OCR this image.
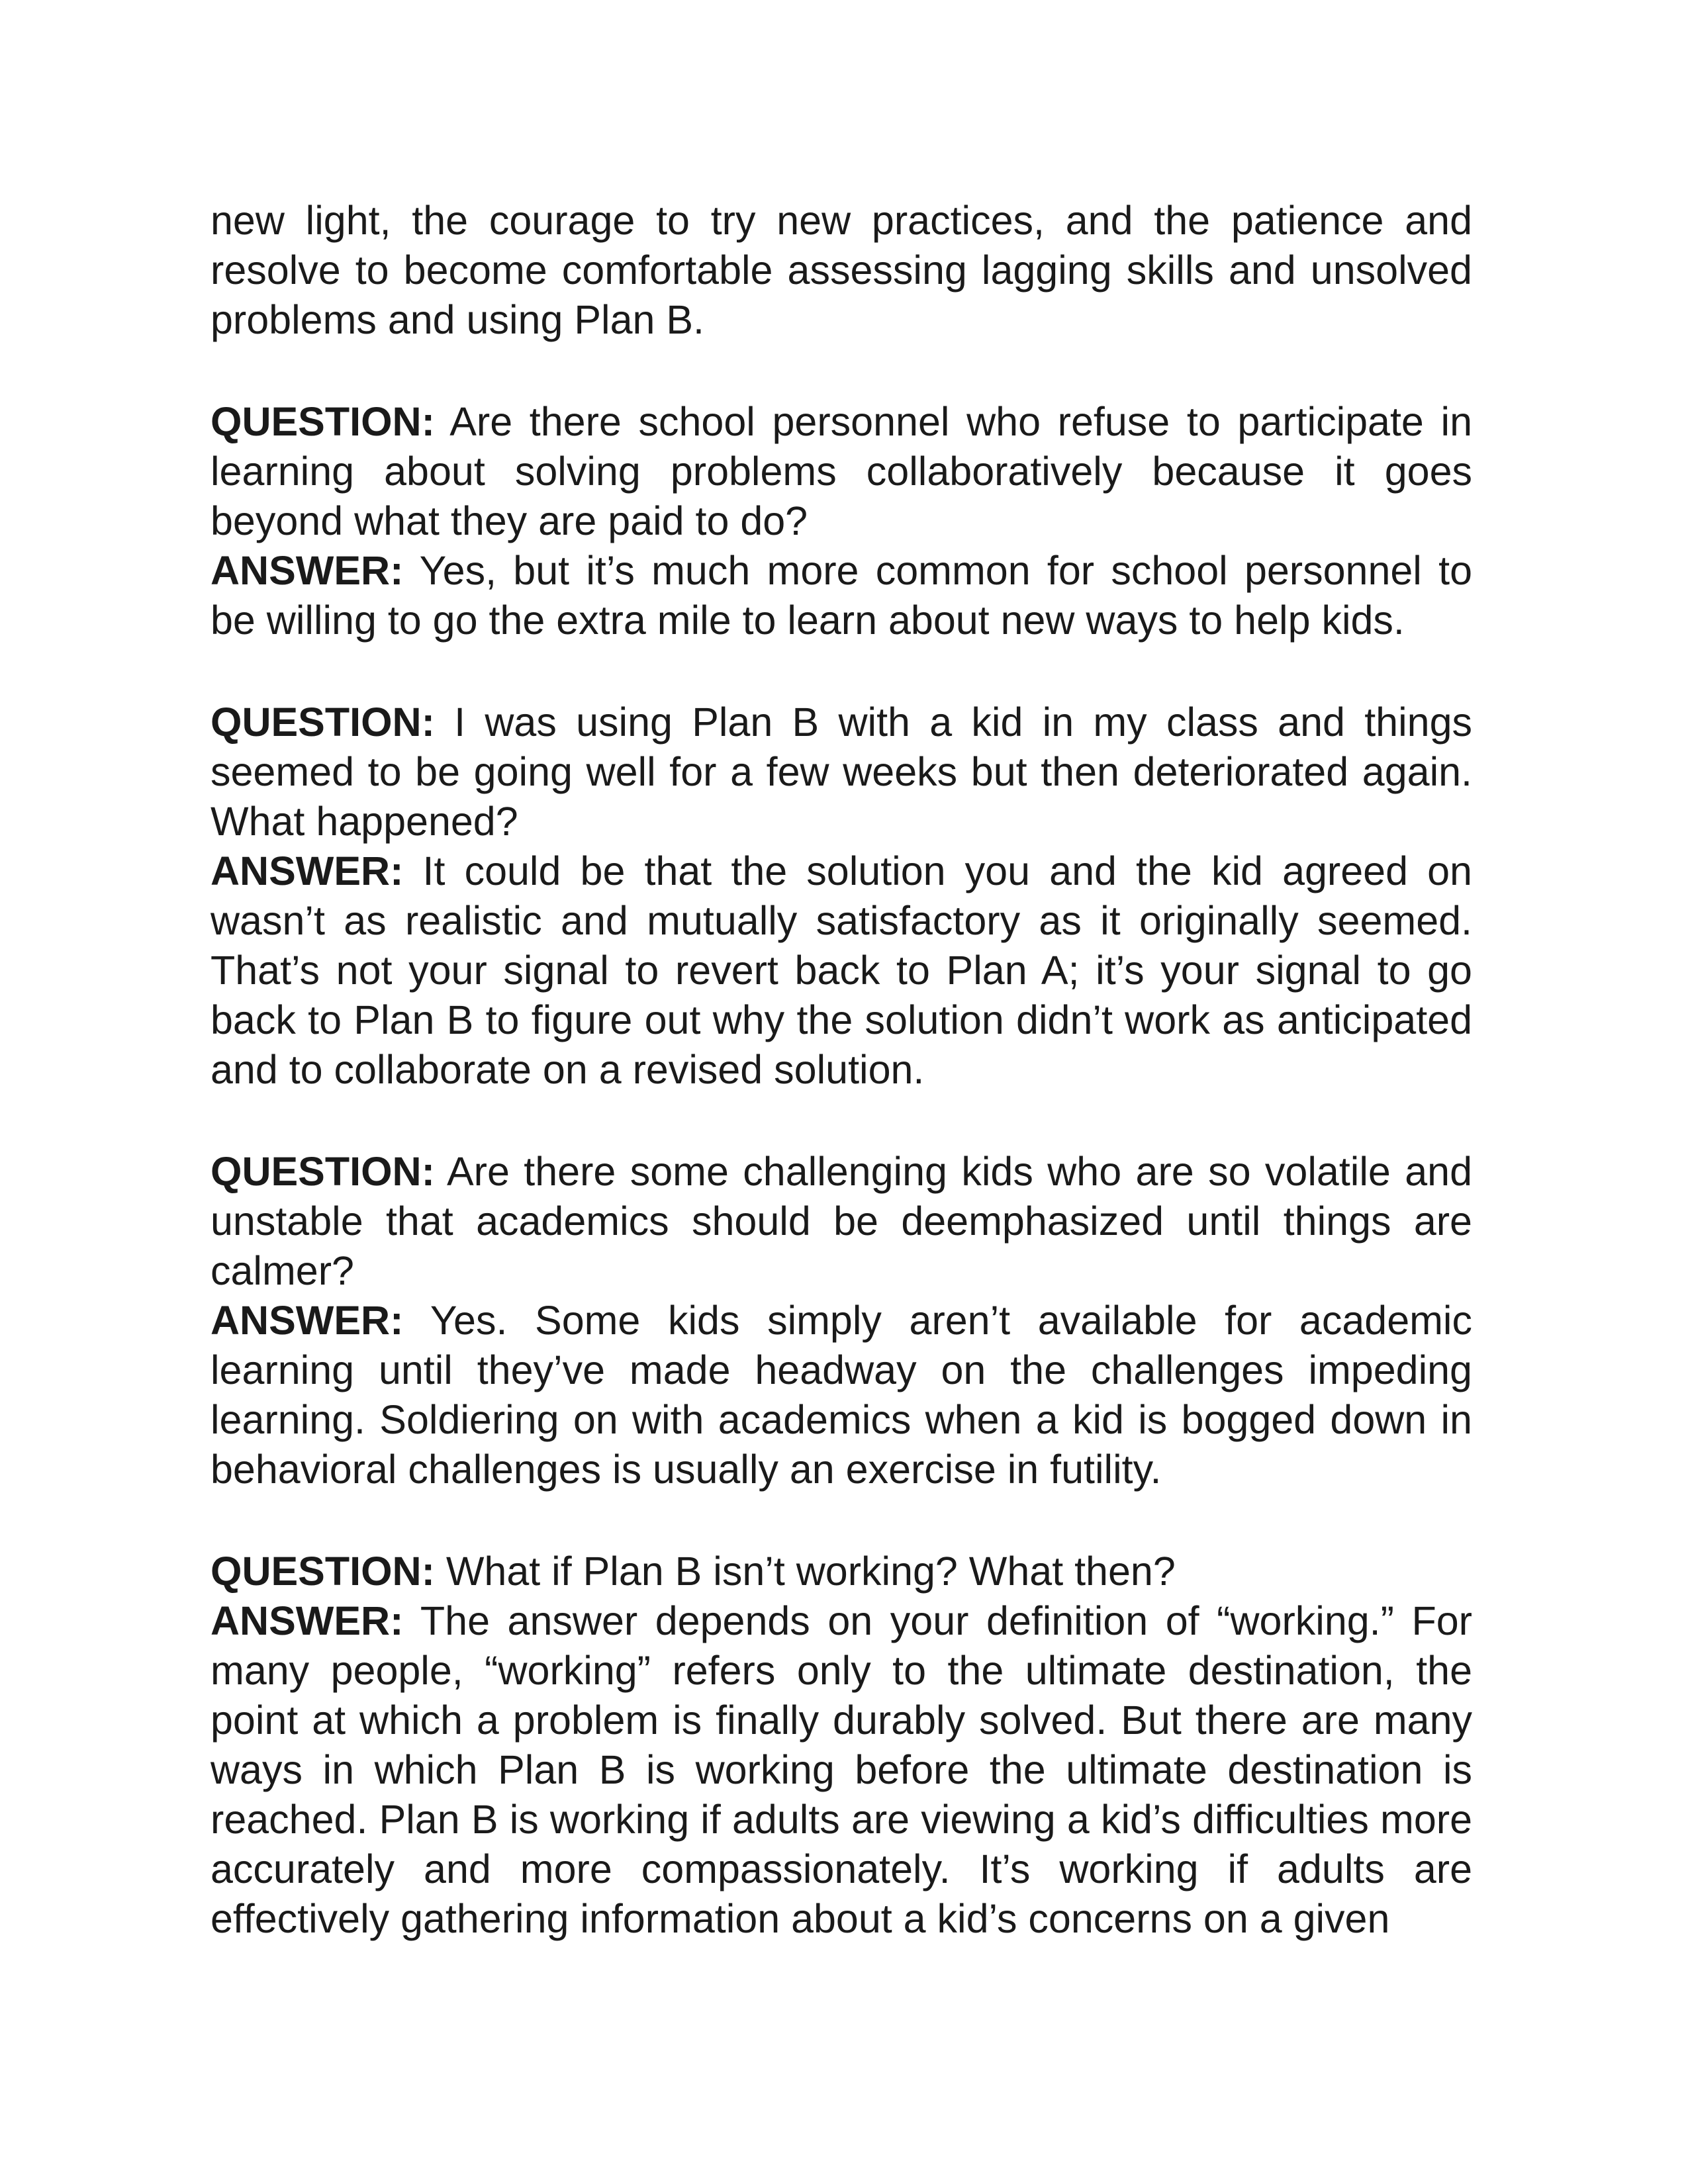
new light, the courage to try new practices, and the patience and resolve to become comfortable assessing lagging skills and unsolved problems and using Plan B.

QUESTION: Are there school personnel who refuse to participate in learning about solving problems collaboratively because it goes beyond what they are paid to do?

ANSWER: Yes, but it’s much more common for school personnel to be willing to go the extra mile to learn about new ways to help kids.

QUESTION: I was using Plan B with a kid in my class and things seemed to be going well for a few weeks but then deteriorated again. What happened?

ANSWER: It could be that the solution you and the kid agreed on wasn’t as realistic and mutually satisfactory as it originally seemed. That’s not your signal to revert back to Plan A; it’s your signal to go back to Plan B to figure out why the solution didn’t work as anticipated and to collaborate on a revised solution.

QUESTION: Are there some challenging kids who are so volatile and unstable that academics should be deemphasized until things are calmer?

ANSWER: Yes. Some kids simply aren’t available for academic learning until they’ve made headway on the challenges impeding learning. Soldiering on with academics when a kid is bogged down in behavioral challenges is usually an exercise in futility.

QUESTION: What if Plan B isn’t working? What then?

ANSWER: The answer depends on your definition of “working.” For many people, “working” refers only to the ultimate destination, the point at which a problem is finally durably solved. But there are many ways in which Plan B is working before the ultimate destination is reached. Plan B is working if adults are viewing a kid’s difficulties more accurately and more compassionately. It’s working if adults are effectively gathering information about a kid’s concerns on a given
